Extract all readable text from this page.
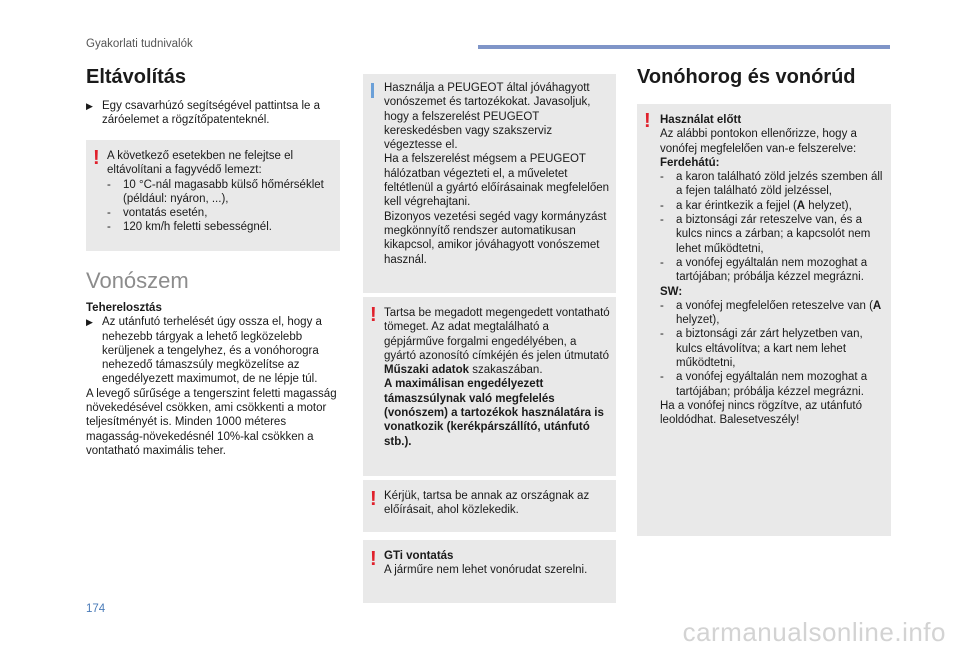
Gyakorlati tudnivalók
174
carmanualsonline.info
Eltávolítás
▶ Egy csavarhúzó segítségével pattintsa le a záróelemet a rögzítőpatenteknél.
! A következő esetekben ne felejtse el eltávolítani a fagyvédő lemezt:
-	10 °C-nál magasabb külső hőmérséklet (például: nyáron, ...),
-	vontatás esetén,
-	120 km/h feletti sebességnél.
Vonószem
Teherelosztás
▶ Az utánfutó terhelését úgy ossza el, hogy a nehezebb tárgyak a lehető legközelebb kerüljenek a tengelyhez, és a vonóhorogra nehezedő támaszsúly megközelítse az engedélyezett maximumot, de ne lépje túl.
A levegő sűrűsége a tengerszint feletti magasság növekedésével csökken, ami csökkenti a motor teljesítményét is. Minden 1000 méteres magasság-növekedésnél 10%-kal csökken a vontatható maximális teher.
Használja a PEUGEOT által jóváhagyott vonószemet és tartozékokat. Javasoljuk, hogy a felszerelést PEUGEOT kereskedésben vagy szakszerviz végeztesse el.
Ha a felszerelést mégsem a PEUGEOT hálózatban végezteti el, a műveletet feltétlenül a gyártó előírásainak megfelelően kell végrehajtani.
Bizonyos vezetési segéd vagy kormányzást megkönnyítő rendszer automatikusan kikapcsol, amikor jóváhagyott vonószemet használ.
! Tartsa be megadott megengedett vontatható tömeget. Az adat megtalálható a gépjárműve forgalmi engedélyében, a gyártó azonosító címkéjén és jelen útmutató Műszaki adatok szakaszában.
A maximálisan engedélyezett támaszsúlynak való megfelelés (vonószem) a tartozékok használatára is vonatkozik (kerékpárszállító, utánfutó stb.).
! Kérjük, tartsa be annak az országnak az előírásait, ahol közlekedik.
! GTi vontatás
A járműre nem lehet vonórudat szerelni.
Vonóhorog és vonórúd
! Használat előtt
Az alábbi pontokon ellenőrizze, hogy a vonófej megfelelően van-e felszerelve:
Ferdehátú:
-	a karon található zöld jelzés szemben áll a fejen található zöld jelzéssel,
-	a kar érintkezik a fejjel (A helyzet),
-	a biztonsági zár reteszelve van, és a kulcs nincs a zárban; a kapcsolót nem lehet működtetni,
-	a vonófej egyáltalán nem mozoghat a tartójában; próbálja kézzel megrázni.
SW:
-	a vonófej megfelelően reteszelve van (A helyzet),
-	a biztonsági zár zárt helyzetben van, kulcs eltávolítva; a kart nem lehet működtetni,
-	a vonófej egyáltalán nem mozoghat a tartójában; próbálja kézzel megrázni.
Ha a vonófej nincs rögzítve, az utánfutó leoldódhat. Balesetveszély!
